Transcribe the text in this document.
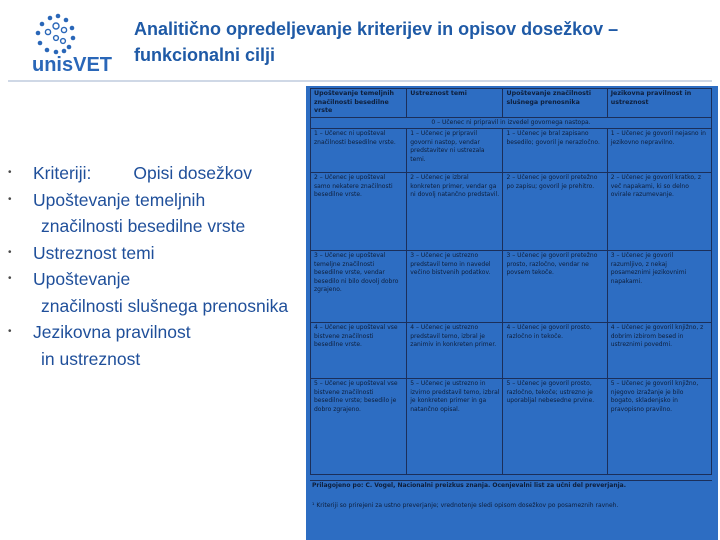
unisVET
Analitično opredeljevanje kriterijev in opisov dosežkov – funkcionalni cilji
• Kriteriji: Opisi dosežkov
• Upoštevanje temeljnih
značilnosti besedilne vrste
• Ustreznost temi
• Upoštevanje
značilnosti slušnega prenosnika
• Jezikovna pravilnost
in ustreznost
Upoštevanje temeljnih značilnosti besedilne vrste	Ustreznost temi	Upoštevanje značilnosti slušnega prenosnika	Jezikovna pravilnost in ustreznost
0 – Učenec ni pripravil in izvedel govornega nastopa.			
1 – Učenec ni upošteval značilnosti besedilne vrste.	1 – Učenec je pripravil govorni nastop, vendar predstavitev ni ustrezala temi.	1 – Učenec je bral zapisano besedilo; govoril je nerazločno.	1 – Učenec je govoril nejasno in jezikovno nepravilno.
2 – Učenec je upošteval samo nekatere značilnosti besedilne vrste.	2 – Učenec je izbral konkreten primer, vendar ga ni dovolj natančno predstavil.	2 – Učenec je govoril pretežno po zapisu; govoril je prehitro.	2 – Učenec je govoril kratko, z več napakami, ki so delno ovirale razumevanje.
3 – Učenec je upošteval temeljne značilnosti besedilne vrste, vendar besedilo ni bilo dovolj dobro zgrajeno.	3 – Učenec je ustrezno predstavil temo in navedel večino bistvenih podatkov.	3 – Učenec je govoril pretežno prosto, razločno, vendar ne povsem tekoče.	3 – Učenec je govoril razumljivo, z nekaj posameznimi jezikovnimi napakami.
4 – Učenec je upošteval vse bistvene značilnosti besedilne vrste.	4 – Učenec je ustrezno predstavil temo, izbral je zanimiv in konkreten primer.	4 – Učenec je govoril prosto, razločno in tekoče.	4 – Učenec je govoril knjižno, z dobrim izbirom besed in ustreznimi povedmi.
5 – Učenec je upošteval vse bistvene značilnosti besedilne vrste; besedilo je dobro zgrajeno.	5 – Učenec je ustrezno in izvirno predstavil temo, izbral je konkreten primer in ga natančno opisal.	5 – Učenec je govoril prosto, razločno, tekoče; ustrezno je uporabljal nebesedne prvine.	5 – Učenec je govoril knjižno, njegovo izražanje je bilo bogato, skladenjsko in pravopisno pravilno.

Prilagojeno po: C. Vogel, Nacionalni preizkus znanja. Ocenjevalni list za učni del preverjanja.

¹ Kriteriji so prirejeni za ustno preverjanje; vrednotenje sledi opisom dosežkov po posameznih ravneh.
